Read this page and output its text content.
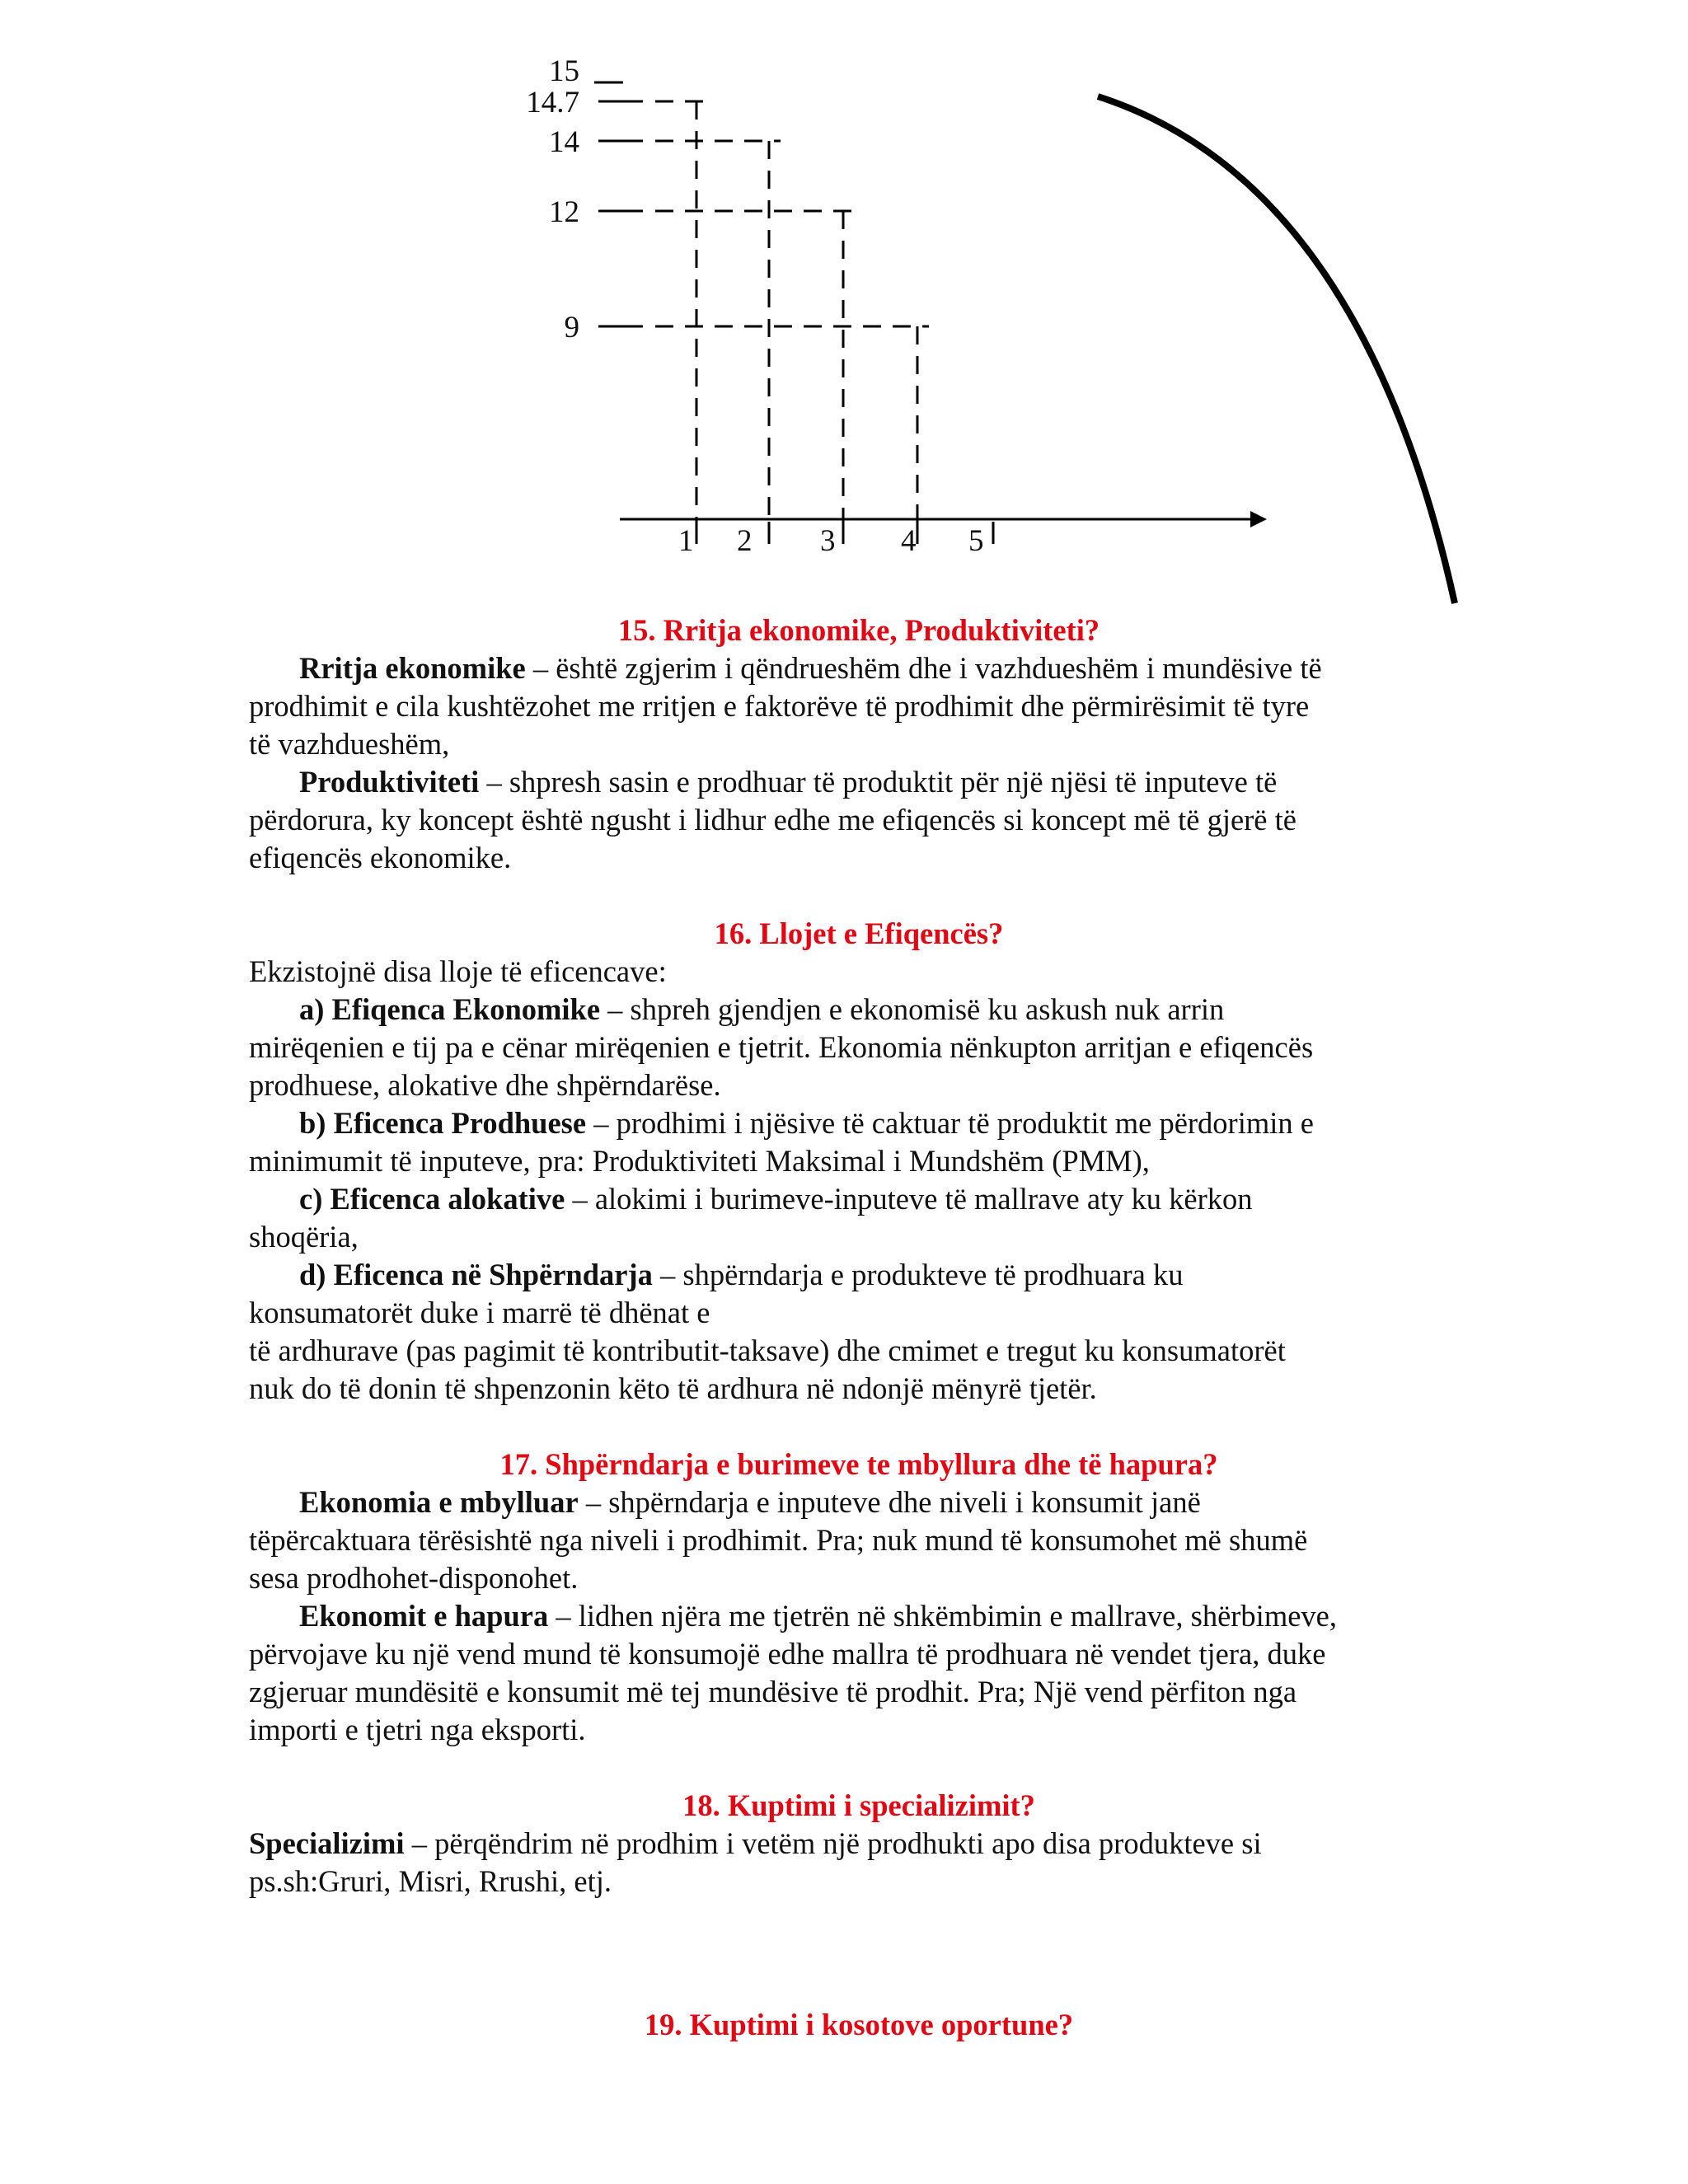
15
14.7
14
12
9
1 2 3 4 5

15. Rritja ekonomike, Produktiviteti?

Rritja ekonomike – është zgjerim i qëndrueshëm dhe i vazhdueshëm i mundësive të

prodhimit e cila kushtëzohet me rritjen e faktorëve të prodhimit dhe përmirësimit të tyre
të vazhdueshëm,

Produktiviteti – shpresh sasin e prodhuar të produktit për një njësi të inputeve të

përdorura, ky koncept është ngusht i lidhur edhe me efiqencës si koncept më të gjerë të
efiqencës ekonomike.

16. Llojet e Efiqencës?

Ekzistojnë disa lloje të eficencave:

a) Efiqenca Ekonomike – shpreh gjendjen e ekonomisë ku askush nuk arrin

mirëqenien e tij pa e cënar mirëqenien e tjetrit. Ekonomia nënkupton arritjan e efiqencës
prodhuese, alokative dhe shpërndarëse.

b) Eficenca Prodhuese – prodhimi i njësive të caktuar të produktit me përdorimin e

minimumit të inputeve, pra: Produktiviteti Maksimal i Mundshëm (PMM),

c) Eficenca alokative – alokimi i burimeve-inputeve të mallrave aty ku kërkon

shoqëria,

d) Eficenca në Shpërndarja – shpërndarja e produkteve të prodhuara ku

konsumatorët duke i marrë të dhënat e
të ardhurave (pas pagimit të kontributit-taksave) dhe cmimet e tregut ku konsumatorët
nuk do të donin të shpenzonin këto të ardhura në ndonjë mënyrë tjetër.

17. Shpërndarja e burimeve te mbyllura dhe të hapura?

Ekonomia e mbylluar – shpërndarja e inputeve dhe niveli i konsumit janë

tëpërcaktuara tërësishtë nga niveli i prodhimit. Pra; nuk mund të konsumohet më shumë
sesa prodhohet-disponohet.

Ekonomit e hapura – lidhen njëra me tjetrën në shkëmbimin e mallrave, shërbimeve,

përvojave ku një vend mund të konsumojë edhe mallra të prodhuara në vendet tjera, duke
zgjeruar mundësitë e konsumit më tej mundësive të prodhit. Pra; Një vend përfiton nga
importi e tjetri nga eksporti.

18. Kuptimi i specializimit?

Specializimi – përqëndrim në prodhim i vetëm një prodhukti apo disa produkteve si
ps.sh:Gruri, Misri, Rrushi, etj.

19. Kuptimi i kosotove oportune?
